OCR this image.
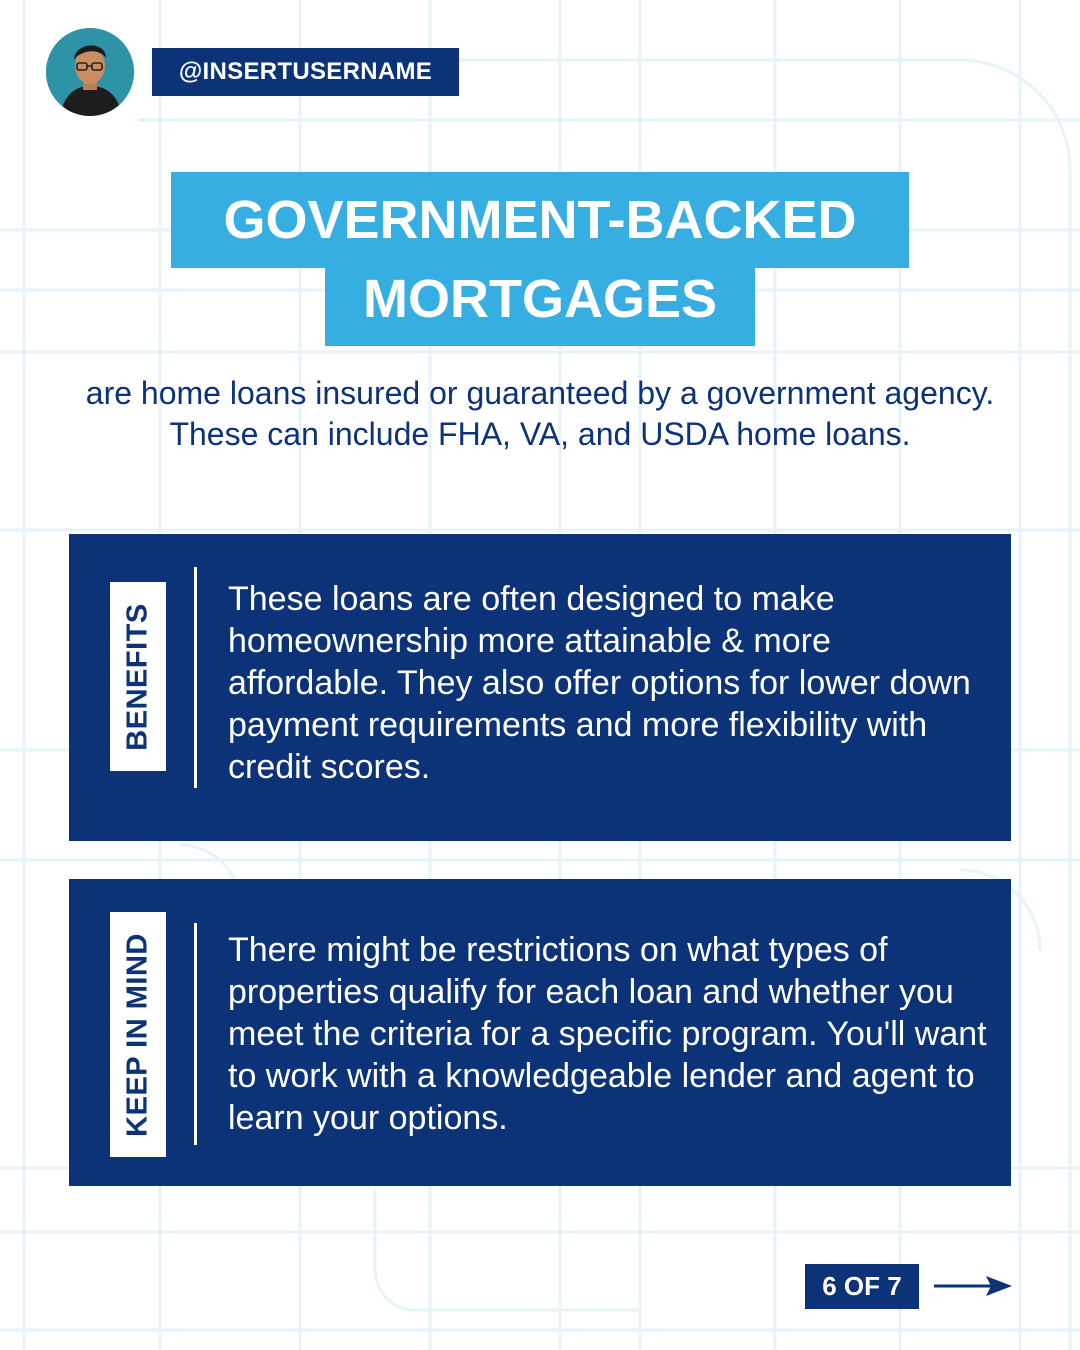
@INSERTUSERNAME
GOVERNMENT-BACKED
MORTGAGES
are home loans insured or guaranteed by a government agency. These can include FHA, VA, and USDA home loans.
BENEFITS
These loans are often designed to make homeownership more attainable & more affordable. They also offer options for lower down payment requirements and more flexibility with credit scores.
KEEP IN MIND There might be restrictions on what types of properties qualify for each loan and whether you meet the criteria for a specific program. You'll want to work with a knowledgeable lender and agent to learn your options.
6 OF 7
